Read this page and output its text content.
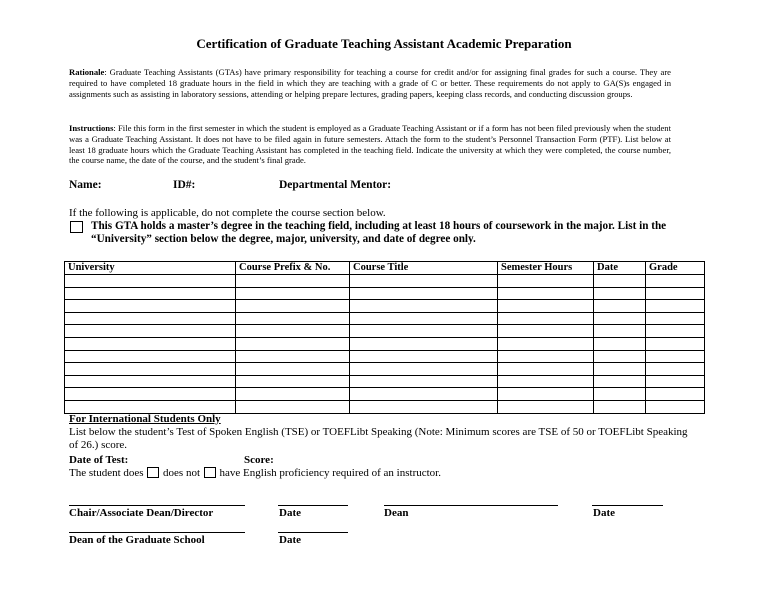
Certification of Graduate Teaching Assistant Academic Preparation
Rationale: Graduate Teaching Assistants (GTAs) have primary responsibility for teaching a course for credit and/or for assigning final grades for such a course. They are required to have completed 18 graduate hours in the field in which they are teaching with a grade of C or better. These requirements do not apply to GA(S)s engaged in assignments such as assisting in laboratory sessions, attending or helping prepare lectures, grading papers, keeping class records, and conducting discussion groups.
Instructions: File this form in the first semester in which the student is employed as a Graduate Teaching Assistant or if a form has not been filed previously when the student was a Graduate Teaching Assistant. It does not have to be filed again in future semesters. Attach the form to the student’s Personnel Transaction Form (PTF). List below at least 18 graduate hours which the Graduate Teaching Assistant has completed in the teaching field. Indicate the university at which they were completed, the course number, the course name, the date of the course, and the student’s final grade.
Name:	ID#:	Departmental Mentor:
If the following is applicable, do not complete the course section below.
This GTA holds a master’s degree in the teaching field, including at least 18 hours of coursework in the major. List in the “University” section below the degree, major, university, and date of degree only.
University	Course Prefix & No.	Course Title	Semester Hours	Date	Grade

For International Students Only
List below the student’s Test of Spoken English (TSE) or TOEFLibt Speaking (Note: Minimum scores are TSE of 50 or TOEFLibt Speaking of 26.) score.
Date of Test:	Score:
The student does does not have English proficiency required of an instructor.
Chair/Associate Dean/Director	Date	Dean	Date
Dean of the Graduate School	Date
